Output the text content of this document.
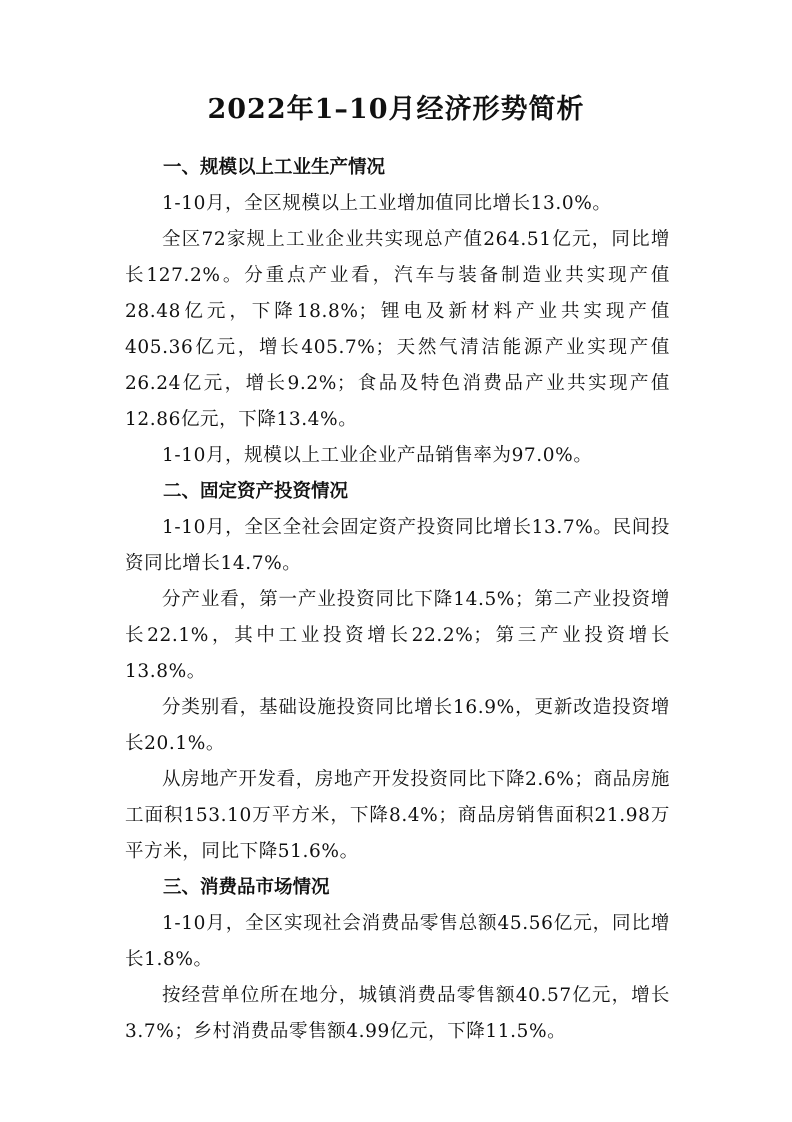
2022年1–10月经济形势简析
一、规模以上工业生产情况

1-10月，全区规模以上工业增加值同比增长13.0%。

全区72家规上工业企业共实现总产值264.51亿元，同比增长127.2%。分重点产业看，汽车与装备制造业共实现产值28.48亿元，下降18.8%；锂电及新材料产业共实现产值405.36亿元，增长405.7%；天然气清洁能源产业实现产值26.24亿元，增长9.2%；食品及特色消费品产业共实现产值12.86亿元，下降13.4%。

1-10月，规模以上工业企业产品销售率为97.0%。

二、固定资产投资情况

1-10月，全区全社会固定资产投资同比增长13.7%。民间投资同比增长14.7%。

分产业看，第一产业投资同比下降14.5%；第二产业投资增长22.1%，其中工业投资增长22.2%；第三产业投资增长13.8%。

分类别看，基础设施投资同比增长16.9%，更新改造投资增长20.1%。

从房地产开发看，房地产开发投资同比下降2.6%；商品房施工面积153.10万平方米，下降8.4%；商品房销售面积21.98万平方米，同比下降51.6%。

三、消费品市场情况

1-10月，全区实现社会消费品零售总额45.56亿元，同比增长1.8%。

按经营单位所在地分，城镇消费品零售额40.57亿元，增长3.7%；乡村消费品零售额4.99亿元，下降11.5%。
